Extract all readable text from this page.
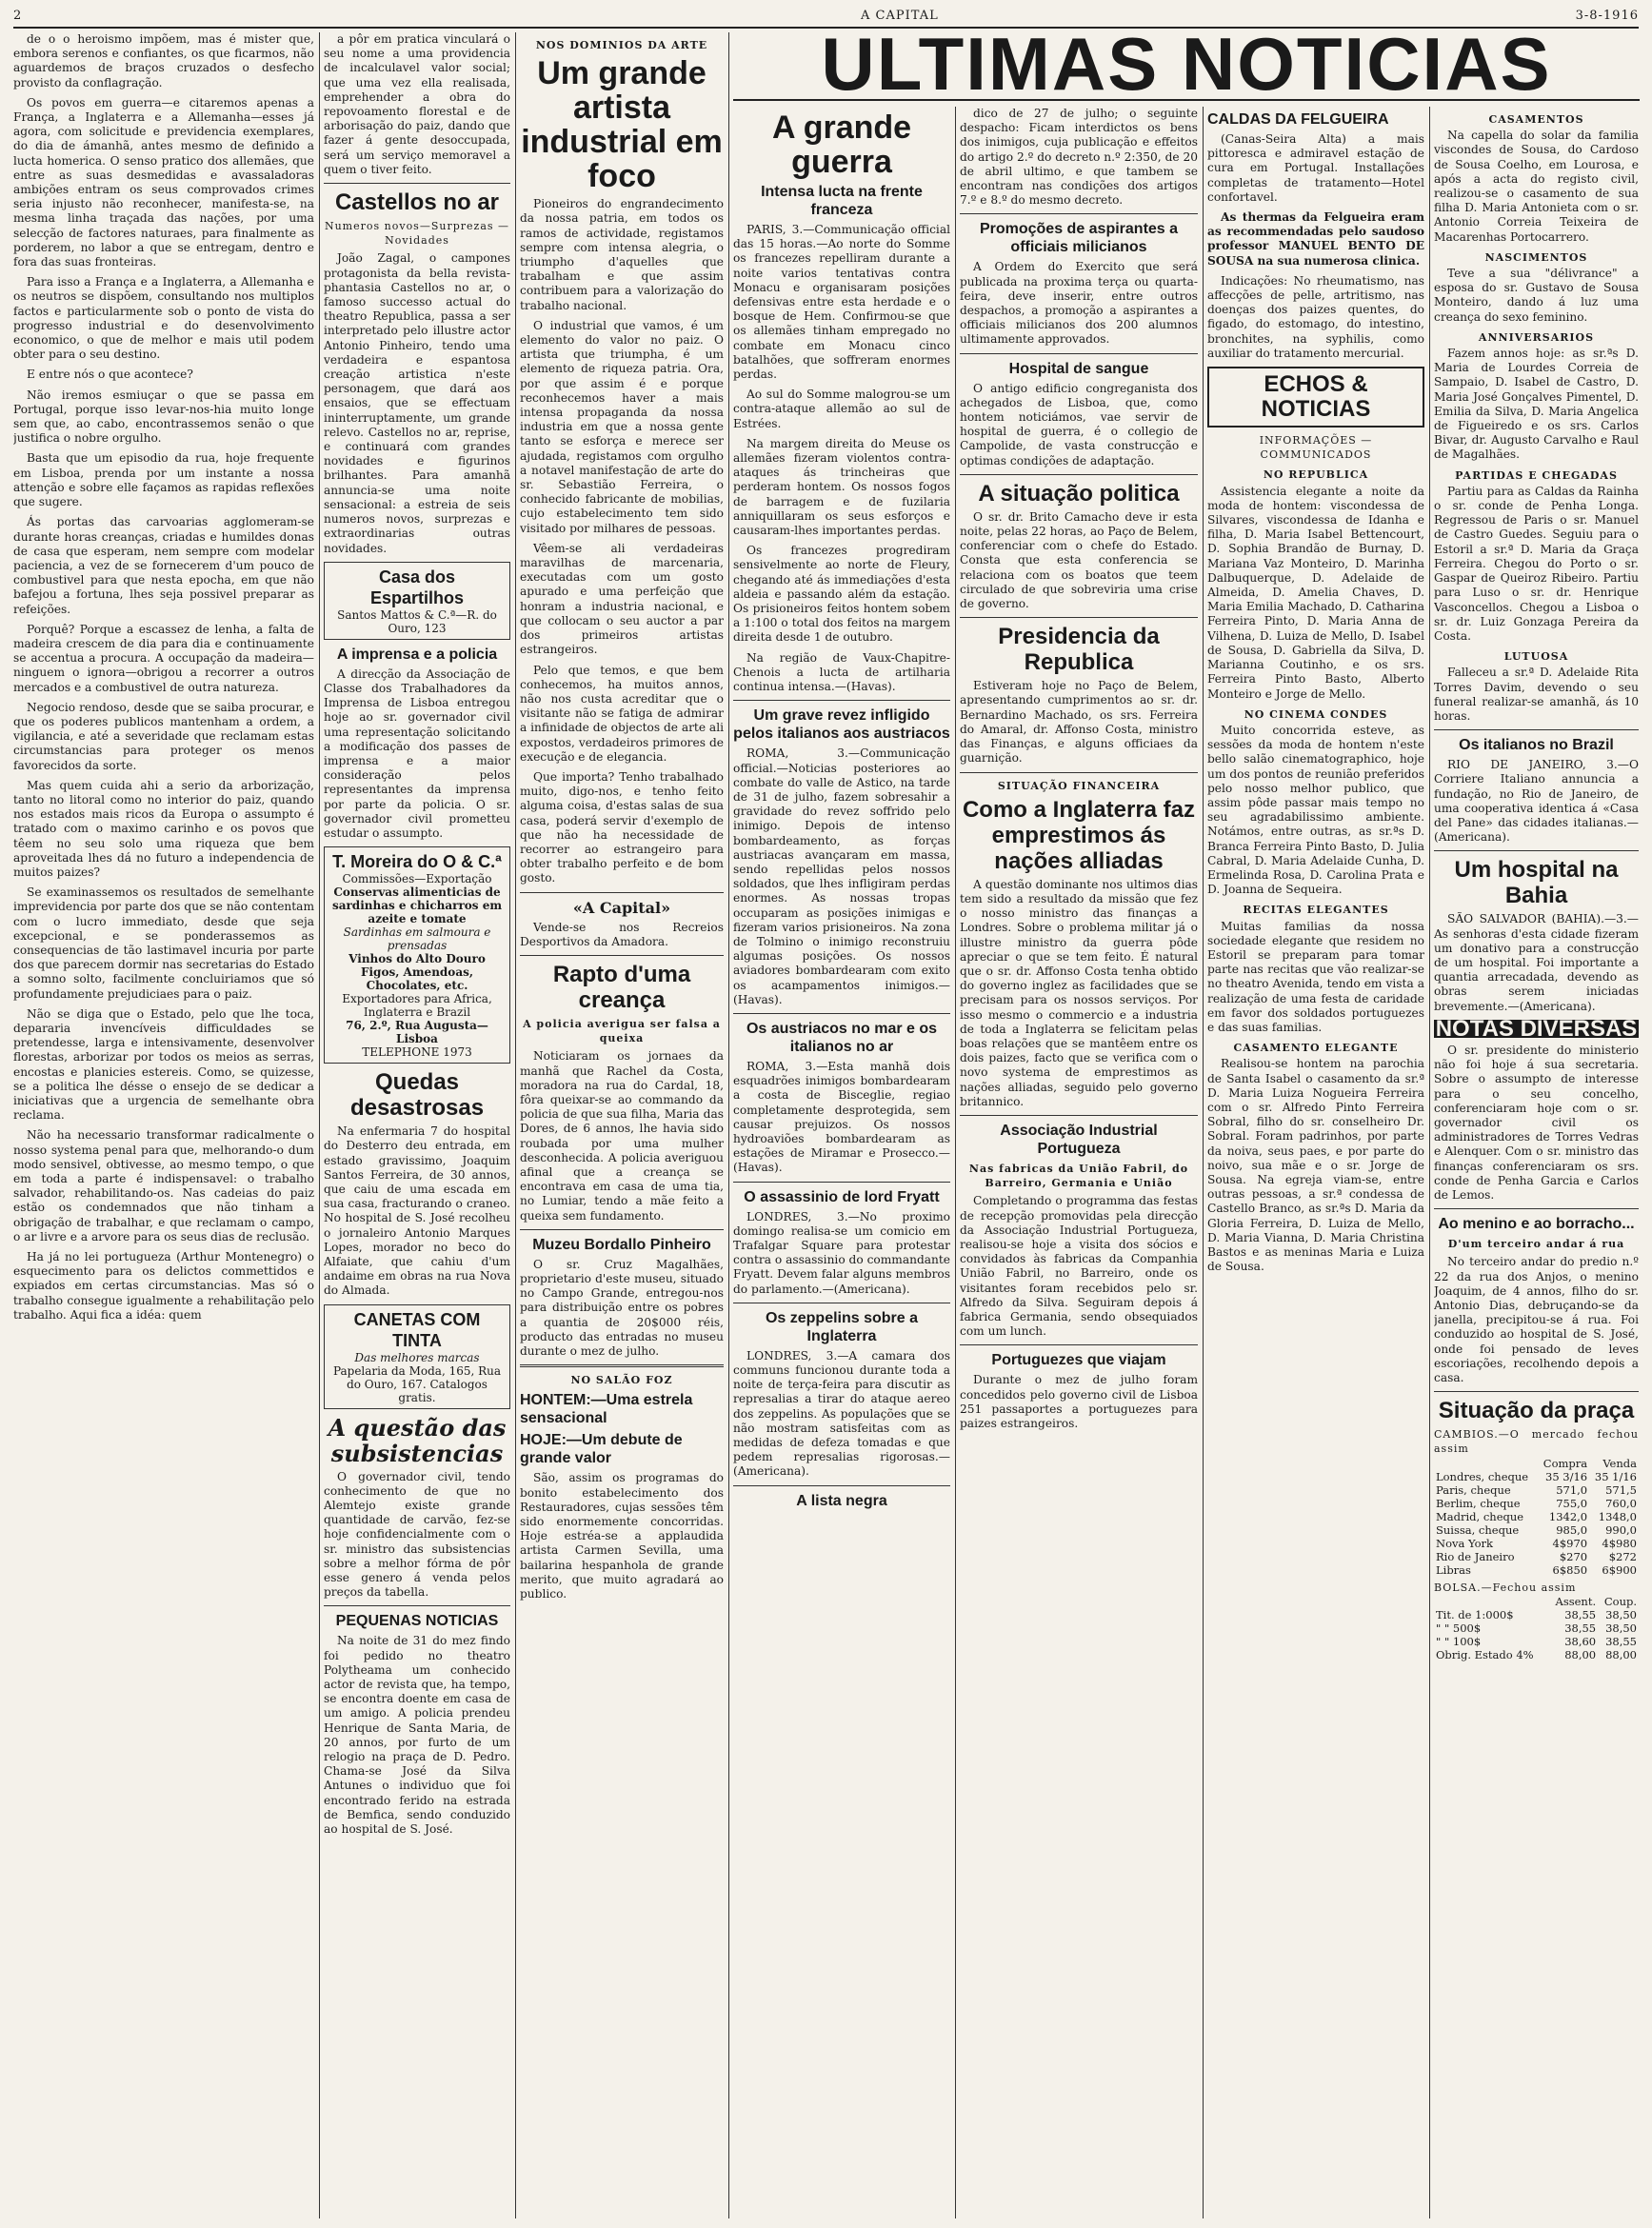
2	A CAPITAL	3-8-1916
ULTIMAS NOTICIAS

de o o heroismo impõem, mas é mister que, embora serenos e confiantes, os que ficarmos, não aguardemos de braços cruzados o desfecho provisto da conflagração.

Os povos em guerra—e citaremos apenas a França, a Inglaterra e a Allemanha—esses já agora, com solicitude e previdencia exemplares, do dia de ámanhã, antes mesmo de definido a lucta homerica. O senso pratico dos allemães, que entre as suas desmedidas e avassaladoras ambições entram os seus comprovados crimes seria injusto não reconhecer, manifesta-se, na mesma linha traçada das nações, por uma selecção de factores naturaes, para finalmente as porderem, no labor a que se entregam, dentro e fora das suas fronteiras.

Para isso a França e a Inglaterra, a Allemanha e os neutros se dispõem, consultando nos multiplos factos e particularmente sob o ponto de vista do progresso industrial e do desenvolvimento economico, o que de melhor e mais util podem obter para o seu destino.

E entre nós o que acontece?

Não iremos esmiuçar o que se passa em Portugal, porque isso levar-nos-hia muito longe sem que, ao cabo, encontrassemos senão o que justifica o nobre orgulho.

Basta que um episodio da rua, hoje frequente em Lisboa, prenda por um instante a nossa attenção e sobre elle façamos as rapidas reflexões que sugere.

Ás portas das carvoarias agglomeram-se durante horas creanças, criadas e humildes donas de casa que esperam, nem sempre com modelar paciencia, a vez de se fornecerem d'um pouco de combustivel para que nesta epocha, em que não bafejou a fortuna, lhes seja possivel preparar as refeições.

Porquê? Porque a escassez de lenha, a falta de madeira crescem de dia para dia e continuamente se accentua a procura. A occupação da madeira—ninguem o ignora—obrigou a recorrer a outros mercados e a combustivel de outra natureza.

Negocio rendoso, desde que se saiba procurar, e que os poderes publicos mantenham a ordem, a vigilancia, e até a severidade que reclamam estas circumstancias para proteger os menos favorecidos da sorte.

Mas quem cuida ahi a serio da arborização, tanto no litoral como no interior do paiz, quando nos estados mais ricos da Europa o assumpto é tratado com o maximo carinho e os povos que têem no seu solo uma riqueza que bem aproveitada lhes dá no futuro a independencia de muitos paizes?

Se examinassemos os resultados de semelhante imprevidencia por parte dos que se não contentam com o lucro immediato, desde que seja excepcional, e se ponderassemos as consequencias de tão lastimavel incuria por parte dos que parecem dormir nas secretarias do Estado a somno solto, facilmente concluiriamos que só profundamente prejudiciaes para o paiz.

Não se diga que o Estado, pelo que lhe toca, depararia invencíveis difficuldades se pretendesse, larga e intensivamente, desenvolver florestas, arborizar por todos os meios as serras, encostas e planicies estereis. Como, se quizesse, se a politica lhe désse o ensejo de se dedicar a iniciativas que a urgencia de semelhante obra reclama.

Não ha necessario transformar radicalmente o nosso systema penal para que, melhorando-o dum modo sensivel, obtivesse, ao mesmo tempo, o que em toda a parte é indispensavel: o trabalho salvador, rehabilitando-os. Nas cadeias do paiz estão os condemnados que não tinham a obrigação de trabalhar, e que reclamam o campo, o ar livre e a arvore para os seus dias de reclusão.

Ha já no lei portugueza (Arthur Montenegro) o esquecimento para os delictos commettidos e expiados em certas circumstancias. Mas só o trabalho consegue igualmente a rehabilitação pelo trabalho. Aqui fica a idéa: quem

a pôr em pratica vinculará o seu nome a uma providencia de incalculavel valor social; que uma vez ella realisada, emprehender a obra do repovoamento florestal e de arborisação do paiz, dando que fazer á gente desoccupada, será um serviço memoravel a quem o tiver feito.

Castellos no ar
Numeros novos—Surprezas —Novidades

João Zagal, o campones protagonista da bella revista-phantasia Castellos no ar, o famoso successo actual do theatro Republica, passa a ser interpretado pelo illustre actor Antonio Pinheiro, tendo uma verdadeira e espantosa creação artistica n'este personagem, que dará aos ensaios, que se effectuam ininterruptamente, um grande relevo. Castellos no ar, reprise, e continuará com grandes novidades e figurinos brilhantes. Para amanhã annuncia-se uma noite sensacional: a estreia de seis numeros novos, surprezas e extraordinarias outras novidades.

Casa dos Espartilhos
Santos Mattos & C.ª—R. do Ouro, 123
A imprensa e a policia

A direcção da Associação de Classe dos Trabalhadores da Imprensa de Lisboa entregou hoje ao sr. governador civil uma representação solicitando a modificação dos passes de imprensa e a maior consideração pelos representantes da imprensa por parte da policia. O sr. governador civil prometteu estudar o assumpto.

T. Moreira do O & C.ª
Commissões—Exportação
Conservas alimenticias de sardinhas e chicharros em azeite e tomate
Sardinhas em salmoura e prensadas
Vinhos do Alto Douro
Figos, Amendoas, Chocolates, etc.
Exportadores para Africa, Inglaterra e Brazil
76, 2.º, Rua Augusta—Lisboa
TELEPHONE 1973
Quedas desastrosas

Na enfermaria 7 do hospital do Desterro deu entrada, em estado gravissimo, Joaquim Santos Ferreira, de 30 annos, que caiu de uma escada em sua casa, fracturando o craneo. No hospital de S. José recolheu o jornaleiro Antonio Marques Lopes, morador no beco do Alfaiate, que cahiu d'um andaime em obras na rua Nova do Almada.

CANETAS COM TINTA
Das melhores marcas
Papelaria da Moda, 165, Rua do Ouro, 167. Catalogos gratis.
A questão das subsistencias

O governador civil, tendo conhecimento de que no Alemtejo existe grande quantidade de carvão, fez-se hoje confidencialmente com o sr. ministro das subsistencias sobre a melhor fórma de pôr esse genero á venda pelos preços da tabella.

PEQUENAS NOTICIAS

Na noite de 31 do mez findo foi pedido no theatro Polytheama um conhecido actor de revista que, ha tempo, se encontra doente em casa de um amigo. A policia prendeu Henrique de Santa Maria, de 20 annos, por furto de um relogio na praça de D. Pedro. Chama-se José da Silva Antunes o individuo que foi encontrado ferido na estrada de Bemfica, sendo conduzido ao hospital de S. José.

NOS DOMINIOS DA ARTE
Um grande artista industrial em foco

Pioneiros do engrandecimento da nossa patria, em todos os ramos de actividade, registamos sempre com intensa alegria, o triumpho d'aquelles que trabalham e que assim contribuem para a valorização do trabalho nacional.

O industrial que vamos, é um elemento do valor no paiz. O artista que triumpha, é um elemento de riqueza patria. Ora, por que assim é e porque reconhecemos haver a mais intensa propaganda da nossa industria em que a nossa gente tanto se esforça e merece ser ajudada, registamos com orgulho a notavel manifestação de arte do sr. Sebastião Ferreira, o conhecido fabricante de mobilias, cujo estabelecimento tem sido visitado por milhares de pessoas.

Vêem-se ali verdadeiras maravilhas de marcenaria, executadas com um gosto apurado e uma perfeição que honram a industria nacional, e que collocam o seu auctor a par dos primeiros artistas estrangeiros.

Pelo que temos, e que bem conhecemos, ha muitos annos, não nos custa acreditar que o visitante não se fatiga de admirar a infinidade de objectos de arte ali expostos, verdadeiros primores de execução e de elegancia.

Que importa? Tenho trabalhado muito, digo-nos, e tenho feito alguma coisa, d'estas salas de sua casa, poderá servir d'exemplo de que não ha necessidade de recorrer ao estrangeiro para obter trabalho perfeito e de bom gosto.

«A Capital»

Vende-se nos Recreios Desportivos da Amadora.

Rapto d'uma creança
A policia averigua ser falsa a queixa

Noticiaram os jornaes da manhã que Rachel da Costa, moradora na rua do Cardal, 18, fôra queixar-se ao commando da policia de que sua filha, Maria das Dores, de 6 annos, lhe havia sido roubada por uma mulher desconhecida. A policia averiguou afinal que a creança se encontrava em casa de uma tia, no Lumiar, tendo a mãe feito a queixa sem fundamento.

Muzeu Bordallo Pinheiro

O sr. Cruz Magalhães, proprietario d'este museu, situado no Campo Grande, entregou-nos para distribuição entre os pobres a quantia de 20$000 réis, producto das entradas no museu durante o mez de julho.

NO SALÃO FOZ
HONTEM:—Uma estrela sensacional
HOJE:—Um debute de grande valor

São, assim os programas do bonito estabelecimento dos Restauradores, cujas sessões têm sido enormemente concorridas. Hoje estréa-se a applaudida artista Carmen Sevilla, uma bailarina hespanhola de grande merito, que muito agradará ao publico.

A grande guerra
Intensa lucta na frente franceza

PARIS, 3.—Communicação official das 15 horas.—Ao norte do Somme os francezes repelliram durante a noite varios tentativas contra Monacu e organisaram posições defensivas entre esta herdade e o bosque de Hem. Confirmou-se que os allemães tinham empregado no combate em Monacu cinco batalhões, que soffreram enormes perdas.

Ao sul do Somme malogrou-se um contra-ataque allemão ao sul de Estrées.

Na margem direita do Meuse os allemães fizeram violentos contra-ataques ás trincheiras que perderam hontem. Os nossos fogos de barragem e de fuzilaria anniquillaram os seus esforços e causaram-lhes importantes perdas.

Os francezes progrediram sensivelmente ao norte de Fleury, chegando até ás immediações d'esta aldeia e passando além da estação. Os prisioneiros feitos hontem sobem a 1:100 o total dos feitos na margem direita desde 1 de outubro.

Na região de Vaux-Chapitre-Chenois a lucta de artilharia continua intensa.—(Havas).

Um grave revez infligido pelos italianos aos austriacos

ROMA, 3.—Communicação official.—Noticias posteriores ao combate do valle de Astico, na tarde de 31 de julho, fazem sobresahir a gravidade do revez soffrido pelo inimigo. Depois de intenso bombardeamento, as forças austriacas avançaram em massa, sendo repellidas pelos nossos soldados, que lhes infligiram perdas enormes. As nossas tropas occuparam as posições inimigas e fizeram varios prisioneiros. Na zona de Tolmino o inimigo reconstruiu algumas posições. Os nossos aviadores bombardearam com exito os acampamentos inimigos.—(Havas).

Os austriacos no mar e os italianos no ar

ROMA, 3.—Esta manhã dois esquadrões inimigos bombardearam a costa de Bisceglie, regiao completamente desprotegida, sem causar prejuizos. Os nossos hydroaviões bombardearam as estações de Miramar e Prosecco.—(Havas).

O assassinio de lord Fryatt

LONDRES, 3.—No proximo domingo realisa-se um comicio em Trafalgar Square para protestar contra o assassinio do commandante Fryatt. Devem falar alguns membros do parlamento.—(Americana).

Os zeppelins sobre a Inglaterra

LONDRES, 3.—A camara dos communs funcionou durante toda a noite de terça-feira para discutir as represalias a tirar do ataque aereo dos zeppelins. As populações que se não mostram satisfeitas com as medidas de defeza tomadas e que pedem represalias rigorosas.—(Americana).

A lista negra

dico de 27 de julho; o seguinte despacho: Ficam interdictos os bens dos inimigos, cuja publicação e effeitos do artigo 2.º do decreto n.º 2:350, de 20 de abril ultimo, e que tambem se encontram nas condições dos artigos 7.º e 8.º do mesmo decreto.

Promoções de aspirantes a officiais milicianos

A Ordem do Exercito que será publicada na proxima terça ou quarta-feira, deve inserir, entre outros despachos, a promoção a aspirantes a officiais milicianos dos 200 alumnos ultimamente approvados.

Hospital de sangue

O antigo edificio congreganista dos achegados de Lisboa, que, como hontem noticiámos, vae servir de hospital de guerra, é o collegio de Campolide, de vasta construcção e optimas condições de adaptação.

A situação politica

O sr. dr. Brito Camacho deve ir esta noite, pelas 22 horas, ao Paço de Belem, conferenciar com o chefe do Estado. Consta que esta conferencia se relaciona com os boatos que teem circulado de que sobreviria uma crise de governo.

Presidencia da Republica

Estiveram hoje no Paço de Belem, apresentando cumprimentos ao sr. dr. Bernardino Machado, os srs. Ferreira do Amaral, dr. Affonso Costa, ministro das Finanças, e alguns officiaes da guarnição.

SITUAÇÃO FINANCEIRA
Como a Inglaterra faz emprestimos ás nações alliadas

A questão dominante nos ultimos dias tem sido a resultado da missão que fez o nosso ministro das finanças a Londres. Sobre o problema militar já o illustre ministro da guerra pôde apreciar o que se tem feito. É natural que o sr. dr. Affonso Costa tenha obtido do governo inglez as facilidades que se precisam para os nossos serviços. Por isso mesmo o commercio e a industria de toda a Inglaterra se felicitam pelas boas relações que se mantêem entre os dois paizes, facto que se verifica com o novo systema de emprestimos as nações alliadas, seguido pelo governo britannico.

Associação Industrial Portugueza
Nas fabricas da União Fabril, do Barreiro, Germania e União

Completando o programma das festas de recepção promovidas pela direcção da Associação Industrial Portugueza, realisou-se hoje a visita dos sócios e convidados às fabricas da Companhia União Fabril, no Barreiro, onde os visitantes foram recebidos pelo sr. Alfredo da Silva. Seguiram depois á fabrica Germania, sendo obsequiados com um lunch.

Portuguezes que viajam

Durante o mez de julho foram concedidos pelo governo civil de Lisboa 251 passaportes a portuguezes para paizes estrangeiros.

CALDAS DA FELGUEIRA

(Canas-Seira Alta) a mais pittoresca e admiravel estação de cura em Portugal. Installações completas de tratamento—Hotel confortavel.

As thermas da Felgueira eram as recommendadas pelo saudoso professor MANUEL BENTO DE SOUSA na sua numerosa clinica.

Indicações: No rheumatismo, nas affecções de pelle, artritismo, nas doenças dos paizes quentes, do figado, do estomago, do intestino, bronchites, na syphilis, como auxiliar do tratamento mercurial.

ECHOS & NOTICIAS
INFORMAÇÕES — COMMUNICADOS
NO REPUBLICA

Assistencia elegante a noite da moda de hontem: viscondessa de Silvares, viscondessa de Idanha e filha, D. Maria Isabel Bettencourt, D. Sophia Brandão de Burnay, D. Mariana Vaz Monteiro, D. Marinha Dalbuquerque, D. Adelaide de Almeida, D. Amelia Chaves, D. Maria Emilia Machado, D. Catharina Ferreira Pinto, D. Maria Anna de Vilhena, D. Luiza de Mello, D. Isabel de Sousa, D. Gabriella da Silva, D. Marianna Coutinho, e os srs. Ferreira Pinto Basto, Alberto Monteiro e Jorge de Mello.

NO CINEMA CONDES

Muito concorrida esteve, as sessões da moda de hontem n'este bello salão cinematographico, hoje um dos pontos de reunião preferidos pelo nosso melhor publico, que assim pôde passar mais tempo no seu agradabilissimo ambiente. Notámos, entre outras, as sr.ªs D. Branca Ferreira Pinto Basto, D. Julia Cabral, D. Maria Adelaide Cunha, D. Ermelinda Rosa, D. Carolina Prata e D. Joanna de Sequeira.

RECITAS ELEGANTES

Muitas familias da nossa sociedade elegante que residem no Estoril se preparam para tomar parte nas recitas que vão realizar-se no theatro Avenida, tendo em vista a realização de uma festa de caridade em favor dos soldados portuguezes e das suas familias.

CASAMENTO ELEGANTE

Realisou-se hontem na parochia de Santa Isabel o casamento da sr.ª D. Maria Luiza Nogueira Ferreira com o sr. Alfredo Pinto Ferreira Sobral, filho do sr. conselheiro Dr. Sobral. Foram padrinhos, por parte da noiva, seus paes, e por parte do noivo, sua mãe e o sr. Jorge de Sousa. Na egreja viam-se, entre outras pessoas, a sr.ª condessa de Castello Branco, as sr.ªs D. Maria da Gloria Ferreira, D. Luiza de Mello, D. Maria Vianna, D. Maria Christina Bastos e as meninas Maria e Luiza de Sousa.

CASAMENTOS

Na capella do solar da familia viscondes de Sousa, do Cardoso de Sousa Coelho, em Lourosa, e após a acta do registo civil, realizou-se o casamento de sua filha D. Maria Antonieta com o sr. Antonio Correia Teixeira de Macarenhas Portocarrero.

NASCIMENTOS

Teve a sua "délivrance" a esposa do sr. Gustavo de Sousa Monteiro, dando á luz uma creança do sexo feminino.

ANNIVERSARIOS

Fazem annos hoje: as sr.ªs D. Maria de Lourdes Correia de Sampaio, D. Isabel de Castro, D. Maria José Gonçalves Pimentel, D. Emilia da Silva, D. Maria Angelica de Figueiredo e os srs. Carlos Bivar, dr. Augusto Carvalho e Raul de Magalhães.

PARTIDAS E CHEGADAS

Partiu para as Caldas da Rainha o sr. conde de Penha Longa. Regressou de Paris o sr. Manuel de Castro Guedes. Seguiu para o Estoril a sr.ª D. Maria da Graça Ferreira. Chegou do Porto o sr. Gaspar de Queiroz Ribeiro. Partiu para Luso o sr. dr. Henrique Vasconcellos. Chegou a Lisboa o sr. dr. Luiz Gonzaga Pereira da Costa.

LUTUOSA

Falleceu a sr.ª D. Adelaide Rita Torres Davim, devendo o seu funeral realizar-se amanhã, ás 10 horas.

Os italianos no Brazil

RIO DE JANEIRO, 3.—O Corriere Italiano annuncia a fundação, no Rio de Janeiro, de uma cooperativa identica á «Casa del Pane» das cidades italianas.—(Americana).

Um hospital na Bahia

SÃO SALVADOR (BAHIA).—3.—As senhoras d'esta cidade fizeram um donativo para a construcção de um hospital. Foi importante a quantia arrecadada, devendo as obras serem iniciadas brevemente.—(Americana).

NOTAS DIVERSAS

O sr. presidente do ministerio não foi hoje á sua secretaria. Sobre o assumpto de interesse para o seu concelho, conferenciaram hoje com o sr. governador civil os administradores de Torres Vedras e Alenquer. Com o sr. ministro das finanças conferenciaram os srs. conde de Penha Garcia e Carlos de Lemos.

Ao menino e ao borracho...
D'um terceiro andar á rua

No terceiro andar do predio n.º 22 da rua dos Anjos, o menino Joaquim, de 4 annos, filho do sr. Antonio Dias, debruçando-se da janella, precipitou-se á rua. Foi conduzido ao hospital de S. José, onde foi pensado de leves escoriações, recolhendo depois a casa.

Situação da praça
CAMBIOS.—O mercado fechou assim
	Compra	Venda
Londres, cheque	35 3/16	35 1/16
Paris, cheque	571,0	571,5
Berlim, cheque	755,0	760,0
Madrid, cheque	1342,0	1348,0
Suissa, cheque	985,0	990,0
Nova York	4$970	4$980
Rio de Janeiro	$270	$272
Libras	6$850	6$900
BOLSA.—Fechou assim
	Assent.	Coup.
Tit. de 1:000$	38,55	38,50
" " 500$	38,55	38,50
" " 100$	38,60	38,55
Obrig. Estado 4%	88,00	88,00
